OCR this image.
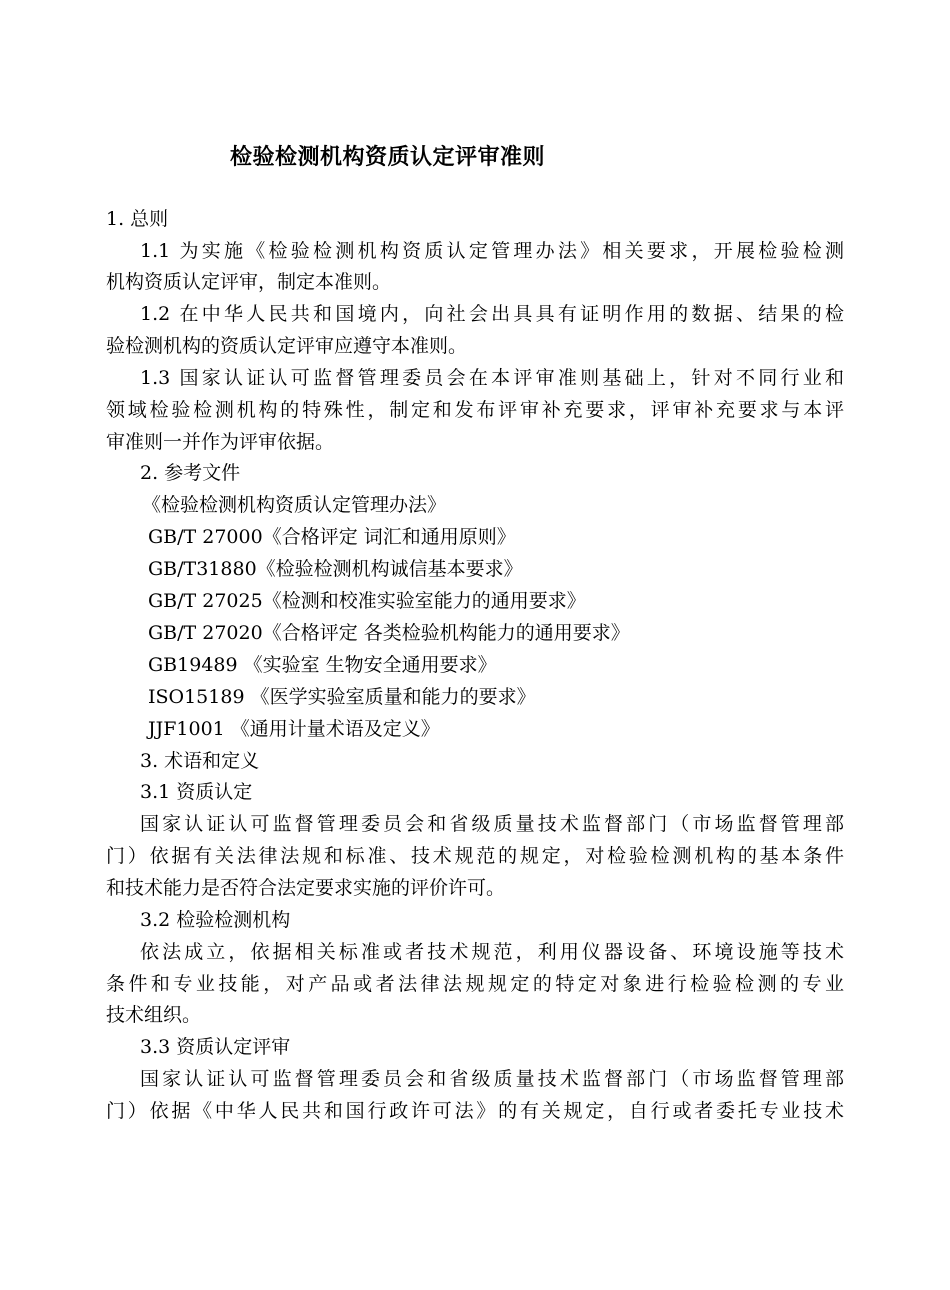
检验检测机构资质认定评审准则
1. 总则
1.1 为实施《检验检测机构资质认定管理办法》相关要求，开展检验检测
机构资质认定评审，制定本准则。
1.2 在中华人民共和国境内，向社会出具具有证明作用的数据、结果的检
验检测机构的资质认定评审应遵守本准则。
1.3 国家认证认可监督管理委员会在本评审准则基础上，针对不同行业和
领域检验检测机构的特殊性，制定和发布评审补充要求，评审补充要求与本评
审准则一并作为评审依据。
2. 参考文件
《检验检测机构资质认定管理办法》
GB/T 27000《合格评定 词汇和通用原则》
GB/T31880《检验检测机构诚信基本要求》
GB/T 27025《检测和校准实验室能力的通用要求》
GB/T 27020《合格评定 各类检验机构能力的通用要求》
GB19489 《实验室 生物安全通用要求》
ISO15189 《医学实验室质量和能力的要求》
JJF1001 《通用计量术语及定义》
3. 术语和定义
3.1 资质认定
国家认证认可监督管理委员会和省级质量技术监督部门（市场监督管理部
门）依据有关法律法规和标准、技术规范的规定，对检验检测机构的基本条件
和技术能力是否符合法定要求实施的评价许可。
3.2 检验检测机构
依法成立，依据相关标准或者技术规范，利用仪器设备、环境设施等技术
条件和专业技能，对产品或者法律法规规定的特定对象进行检验检测的专业
技术组织。
3.3 资质认定评审
国家认证认可监督管理委员会和省级质量技术监督部门（市场监督管理部
门）依据《中华人民共和国行政许可法》的有关规定，自行或者委托专业技术
